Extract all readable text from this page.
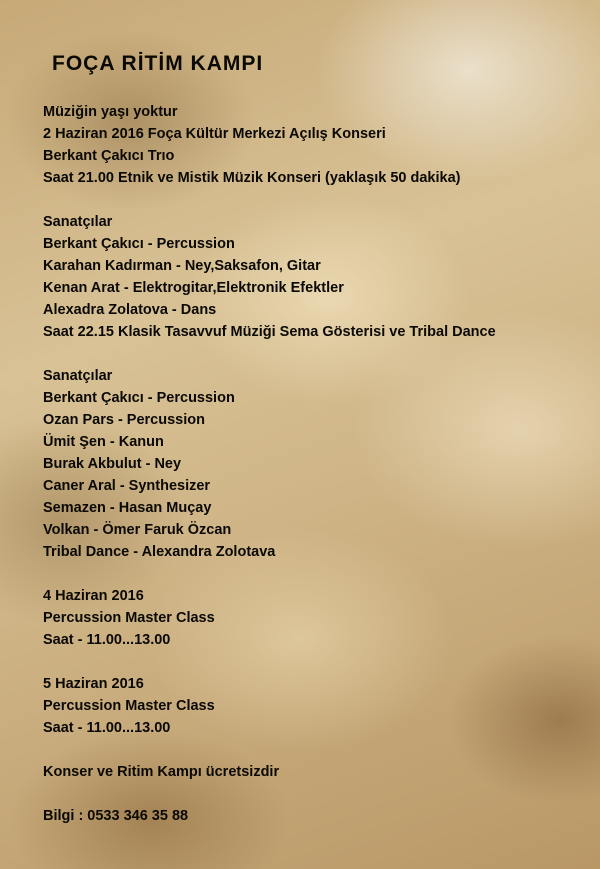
FOÇA RİTİM KAMPI
Müziğin yaşı yoktur
2 Haziran 2016 Foça Kültür Merkezi Açılış Konseri
Berkant Çakıcı Trıo
Saat 21.00 Etnik ve Mistik Müzik Konseri (yaklaşık 50 dakika)
Sanatçılar
Berkant Çakıcı - Percussion
Karahan Kadırman - Ney,Saksafon, Gitar
Kenan Arat - Elektrogitar,Elektronik Efektler
Alexadra Zolatova - Dans
Saat 22.15 Klasik Tasavvuf Müziği Sema Gösterisi ve Tribal Dance
Sanatçılar
Berkant Çakıcı - Percussion
Ozan Pars - Percussion
Ümit Şen - Kanun
Burak Akbulut - Ney
Caner Aral - Synthesizer
Semazen - Hasan Muçay
Volkan - Ömer Faruk Özcan
Tribal Dance - Alexandra Zolotava
4 Haziran 2016
Percussion Master Class
Saat - 11.00...13.00
5 Haziran 2016
Percussion Master Class
Saat - 11.00...13.00
Konser ve Ritim Kampı ücretsizdir
Bilgi : 0533 346 35 88
